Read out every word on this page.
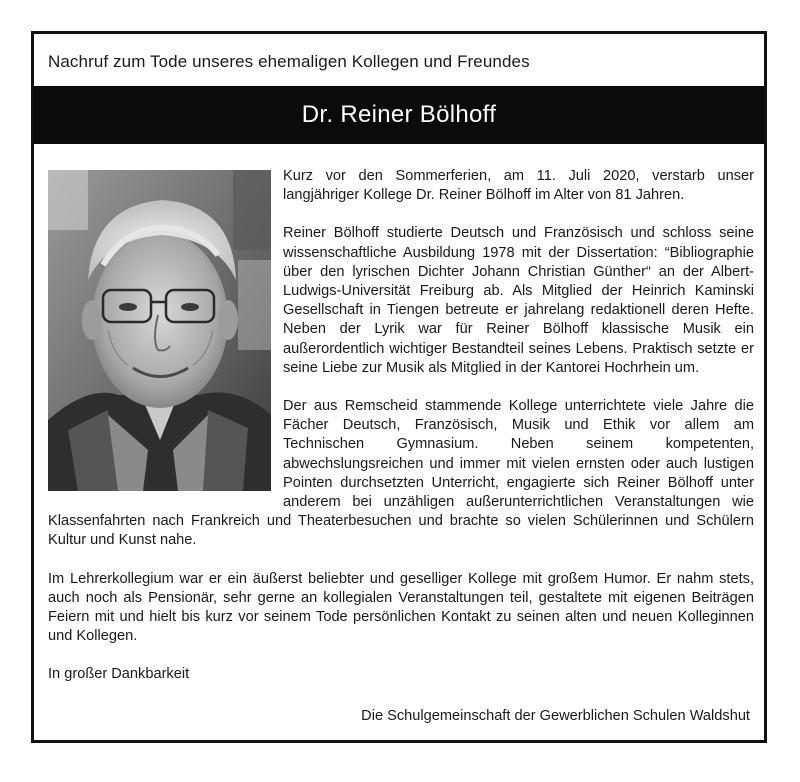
Nachruf zum Tode unseres ehemaligen Kollegen und Freundes
Dr. Reiner Bölhoff

Kurz vor den Sommerferien, am 11. Juli 2020, verstarb unser langjähriger Kollege Dr. Reiner Bölhoff im Alter von 81 Jahren.

Reiner Bölhoff studierte Deutsch und Französisch und schloss seine wissenschaftliche Ausbildung 1978 mit der Dissertation: “Bibliographie über den lyrischen Dichter Johann Christian Günther“ an der Albert-Ludwigs-Universität Freiburg ab. Als Mitglied der Heinrich Kaminski Gesellschaft in Tiengen betreute er jahrelang redaktionell deren Hefte. Neben der Lyrik war für Reiner Bölhoff klassische Musik ein außerordentlich wichtiger Bestandteil seines Lebens. Praktisch setzte er seine Liebe zur Musik als Mitglied in der Kantorei Hochrhein um.

Der aus Remscheid stammende Kollege unterrichtete viele Jahre die Fächer Deutsch, Französisch, Musik und Ethik vor allem am Technischen Gymnasium. Neben seinem kompetenten, abwechslungsreichen und immer mit vielen ernsten oder auch lustigen Pointen durchsetzten Unterricht, engagierte sich Reiner Bölhoff unter anderem bei unzähligen außerunterrichtlichen Veranstaltungen wie Klassenfahrten nach Frankreich und Theaterbesuchen und brachte so vielen Schülerinnen und Schülern Kultur und Kunst nahe.

Im Lehrerkollegium war er ein äußerst beliebter und geselliger Kollege mit großem Humor. Er nahm stets, auch noch als Pensionär, sehr gerne an kollegialen Veranstaltungen teil, gestaltete mit eigenen Beiträgen Feiern mit und hielt bis kurz vor seinem Tode persönlichen Kontakt zu seinen alten und neuen Kolleginnen und Kollegen.

In großer Dankbarkeit

Die Schulgemeinschaft der Gewerblichen Schulen Waldshut
